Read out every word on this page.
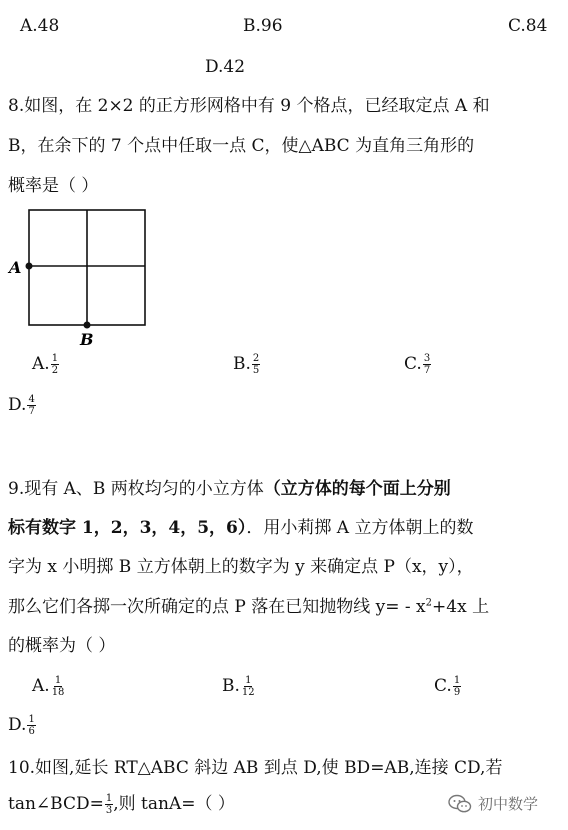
A.48	B.96	C.84
D.42
8.如图，在 2×2 的正方形网格中有 9 个格点，已经取定点 A 和
B，在余下的 7 个点中任取一点 C，使△ABC 为直角三角形的
概率是（ ）
A
B
A. $\frac{1}{2}$	B. $\frac{2}{5}$	C. $\frac{3}{7}$
D. $\frac{4}{7}$
9.现有 A、B 两枚均匀的小立方体（立方体的每个面上分别
标有数字 1，2，3，4，5，6）．用小莉掷 A 立方体朝上的数
字为 x 小明掷 B 立方体朝上的数字为 y 来确定点 P（x，y），
那么它们各掷一次所确定的点 P 落在已知抛物线 $y= - x^2+4x$ 上
的概率为（ ）
A. $\frac{1}{18}$	B. $\frac{1}{12}$	C. $\frac{1}{9}$
D. $\frac{1}{6}$
10.如图,延长 RT△ABC 斜边 AB 到点 D,使 BD=AB,连接 CD,若
tan∠BCD= $\frac{1}{3}$ ,则 tanA=（ ）	初中数学
